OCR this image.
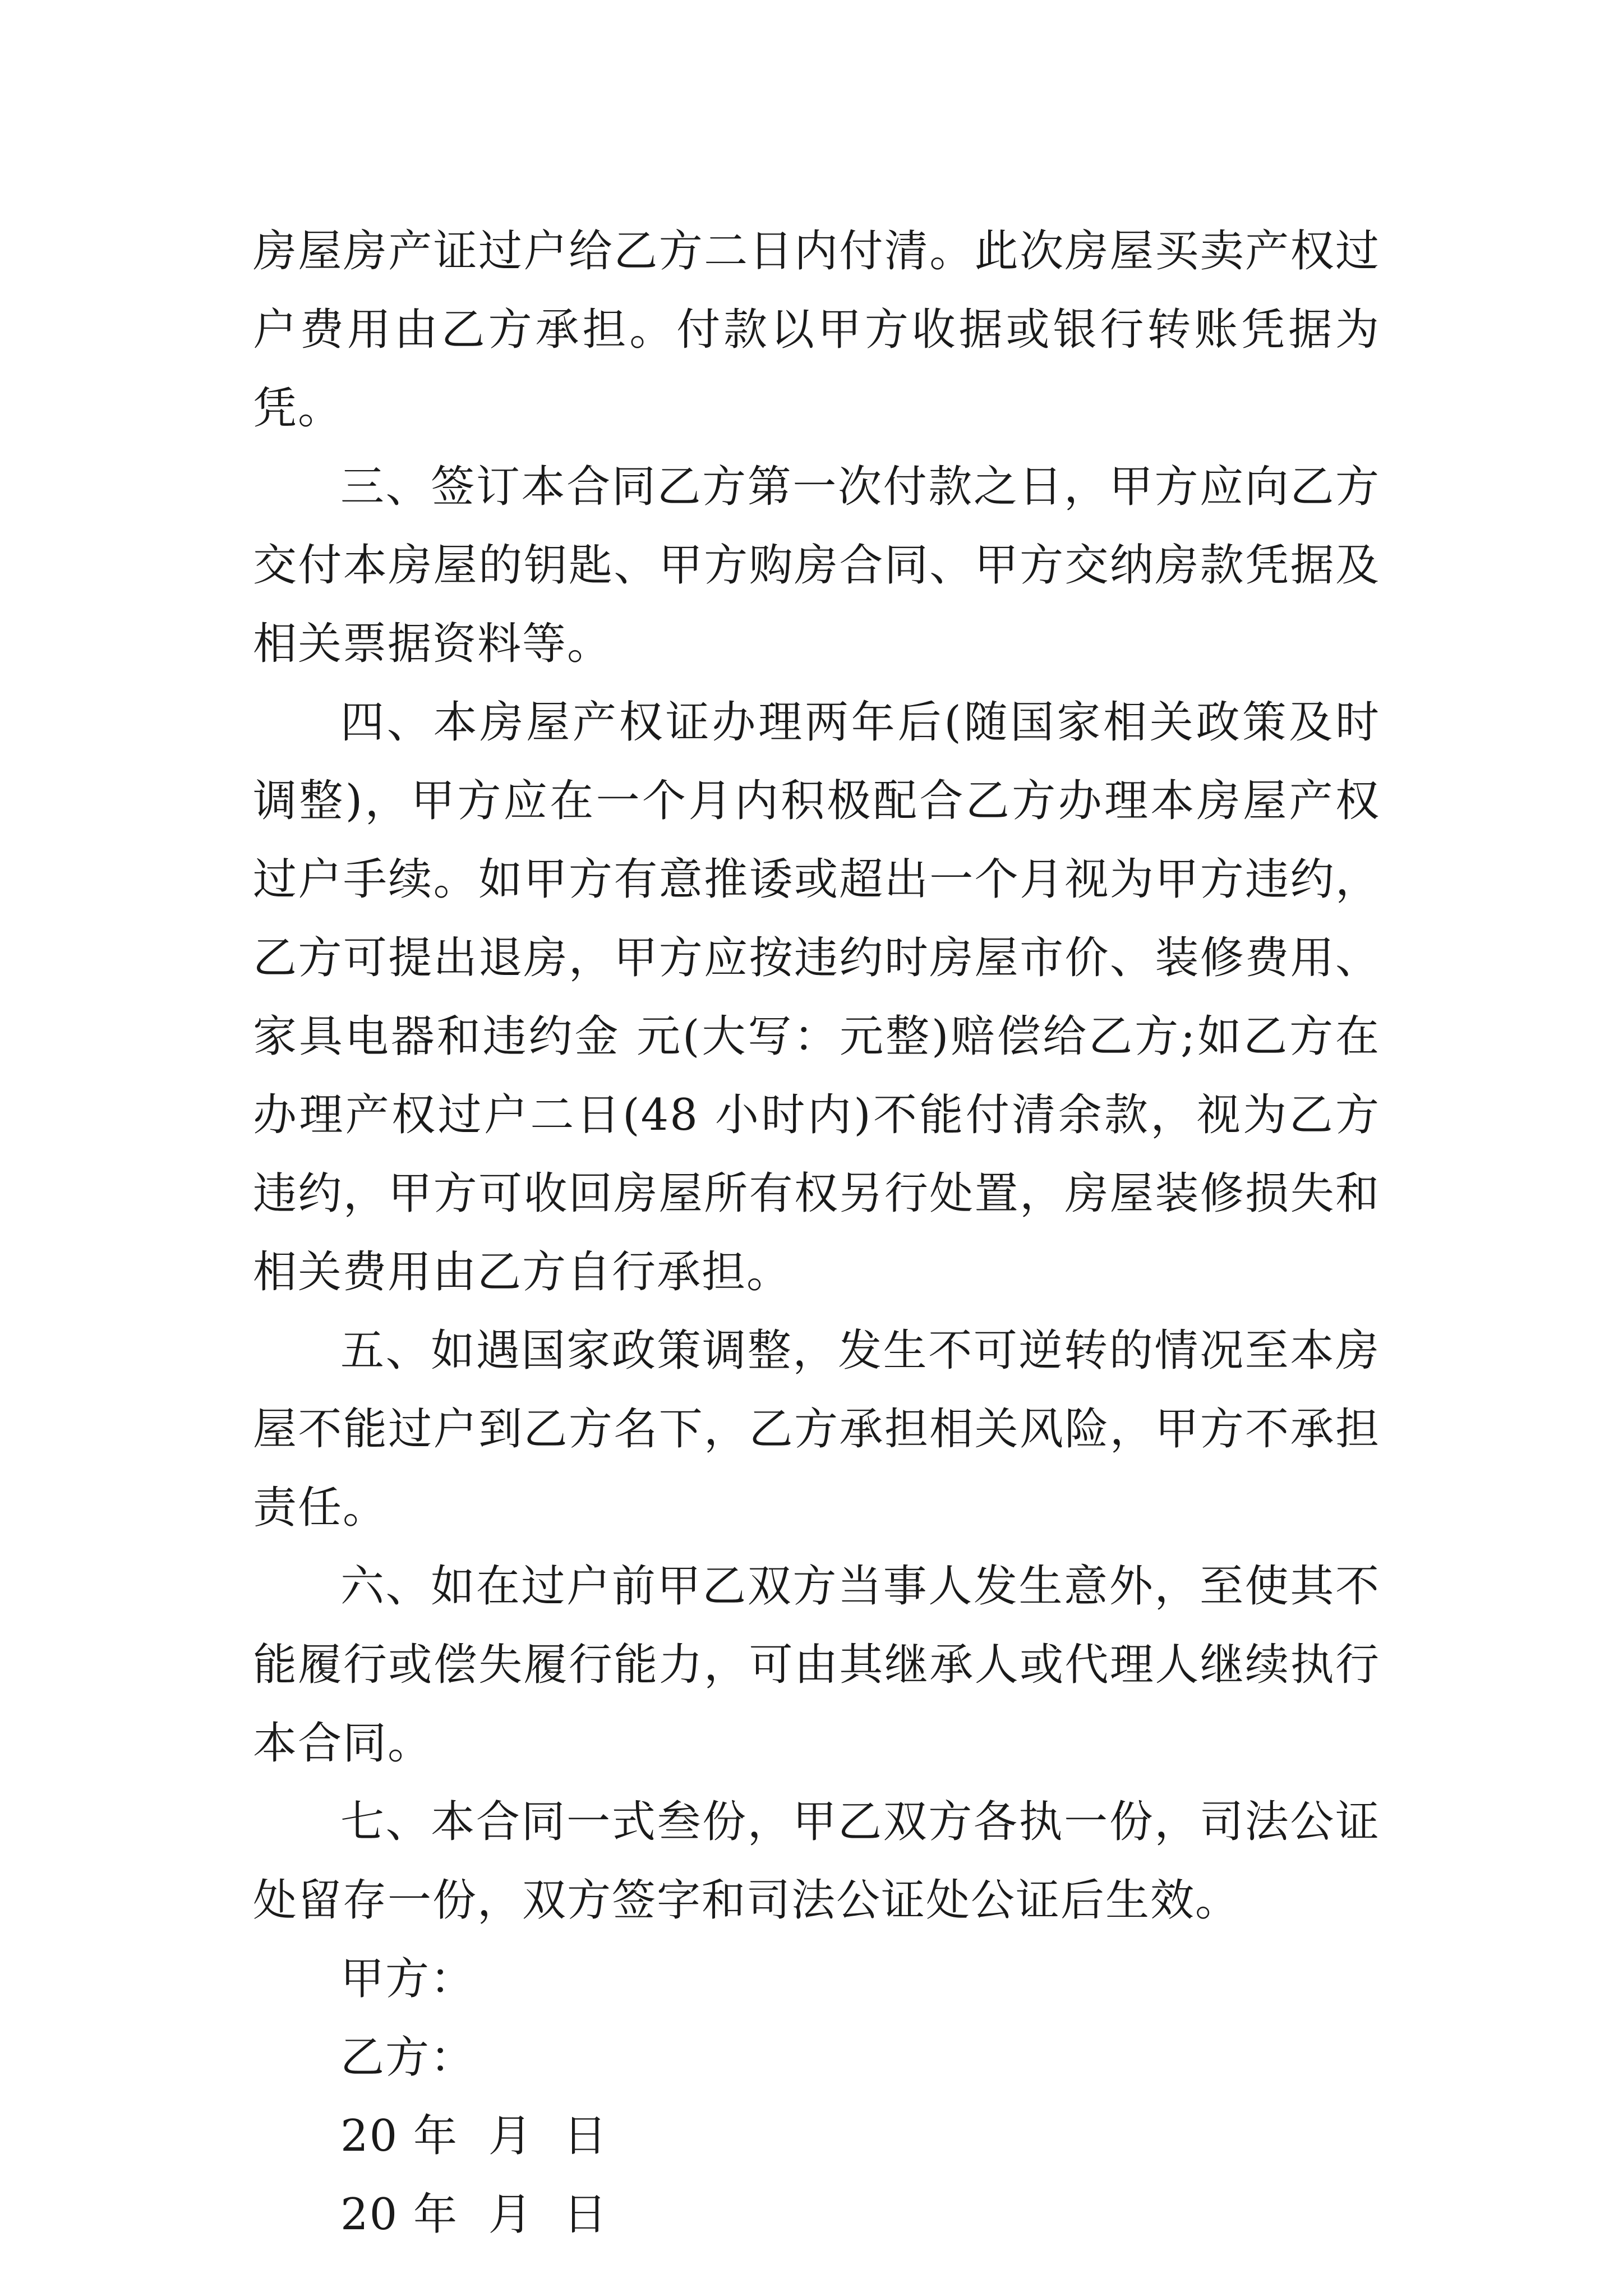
房屋房产证过户给乙方二日内付清。此次房屋买卖产权过户费用由乙方承担。付款以甲方收据或银行转账凭据为凭。

三、签订本合同乙方第一次付款之日，甲方应向乙方交付本房屋的钥匙、甲方购房合同、甲方交纳房款凭据及相关票据资料等。

四、本房屋产权证办理两年后(随国家相关政策及时调整)，甲方应在一个月内积极配合乙方办理本房屋产权过户手续。如甲方有意推诿或超出一个月视为甲方违约，乙方可提出退房，甲方应按违约时房屋市价、装修费用、家具电器和违约金 元(大写：元整)赔偿给乙方;如乙方在办理产权过户二日(48 小时内)不能付清余款，视为乙方违约，甲方可收回房屋所有权另行处置，房屋装修损失和相关费用由乙方自行承担。

五、如遇国家政策调整，发生不可逆转的情况至本房屋不能过户到乙方名下，乙方承担相关风险，甲方不承担责任。

六、如在过户前甲乙双方当事人发生意外，至使其不能履行或偿失履行能力，可由其继承人或代理人继续执行本合同。

七、本合同一式叁份，甲乙双方各执一份，司法公证处留存一份，双方签字和司法公证处公证后生效。

甲方：

乙方：

20 年  月  日

20 年  月  日
